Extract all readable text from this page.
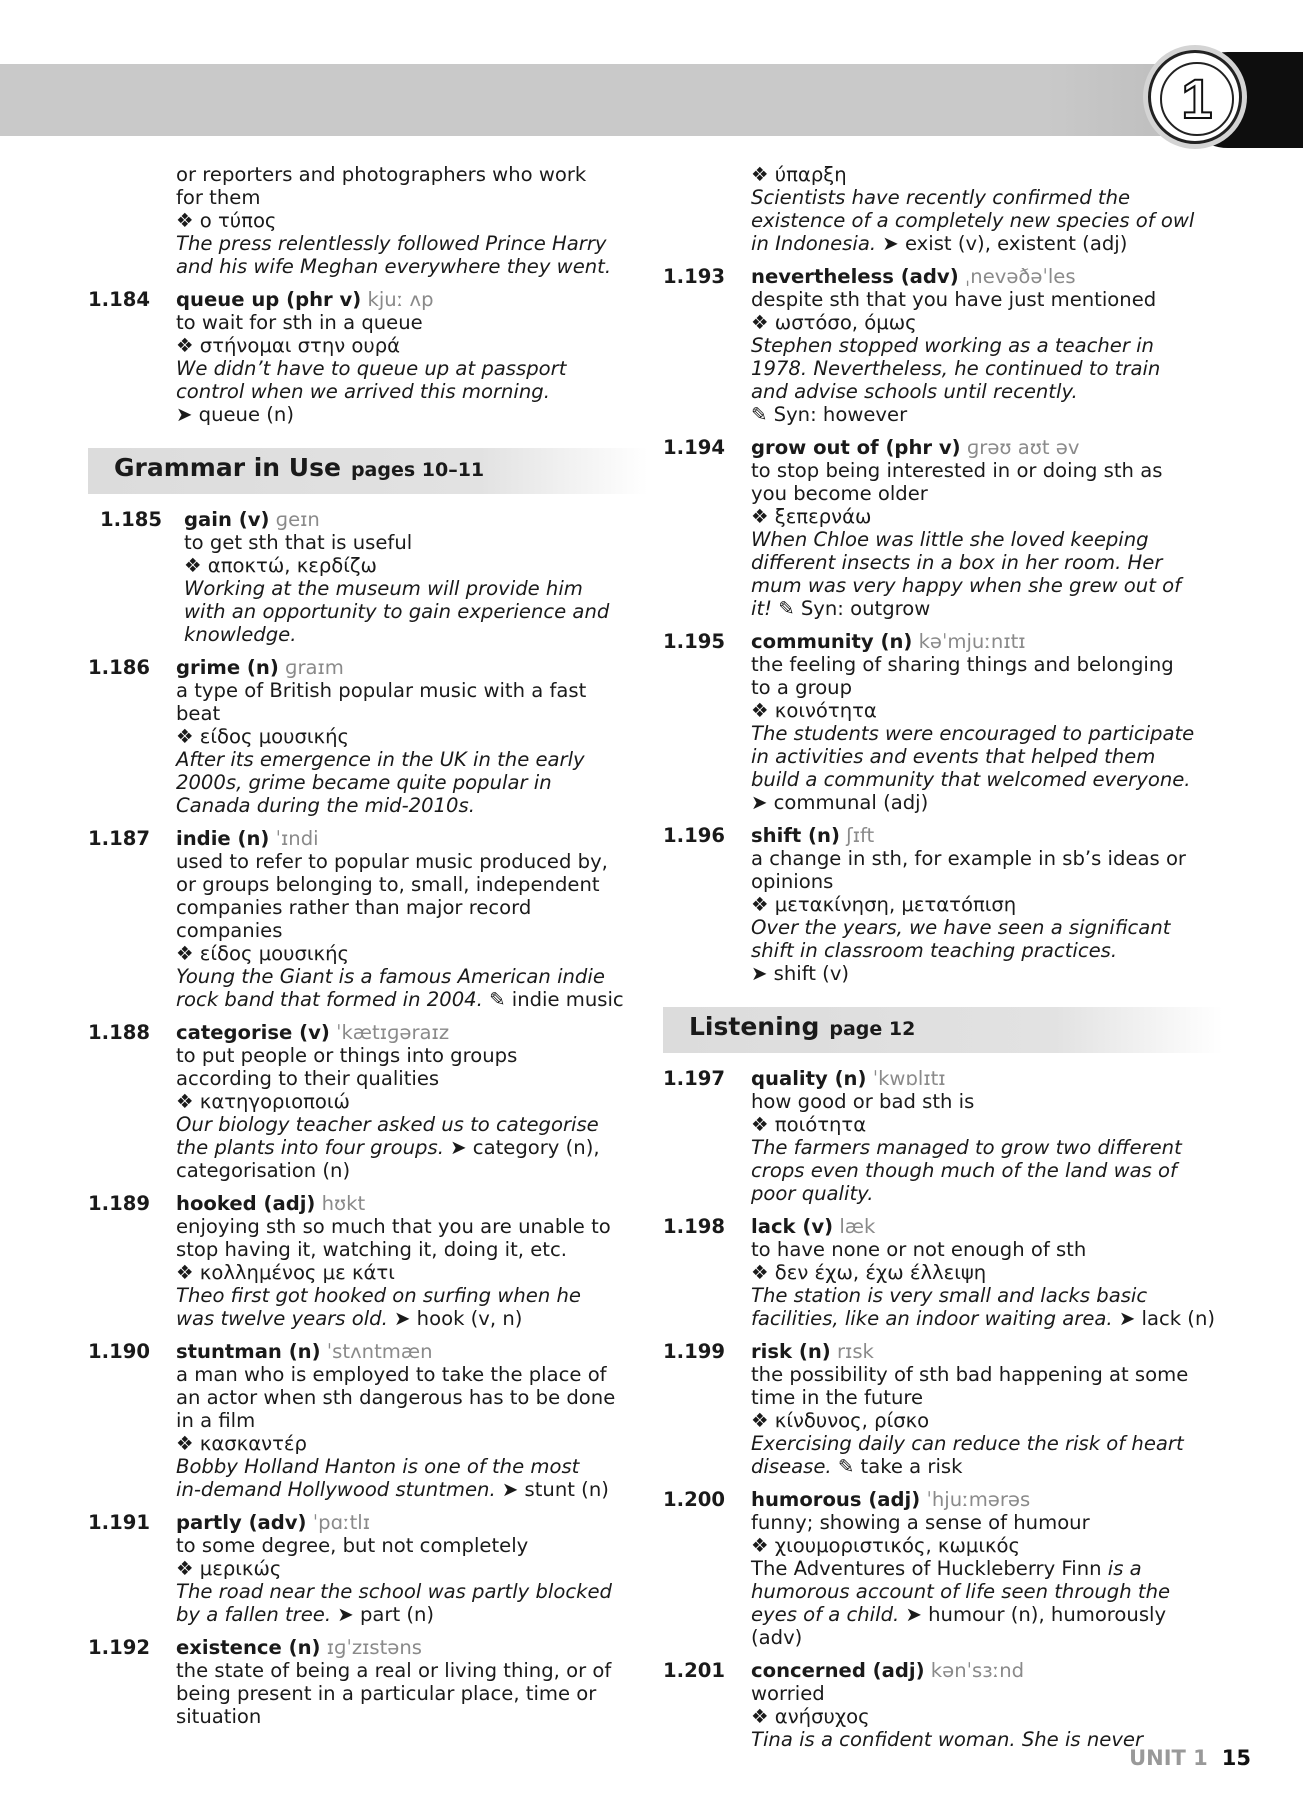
1
or reporters and photographers who work
for them
❖ ο τύπος
The press relentlessly followed Prince Harry
and his wife Meghan everywhere they went.
1.184 queue up (phr v) kjuː ʌp
to wait for sth in a queue
❖ στήνομαι στην ουρά
We didn’t have to queue up at passport
control when we arrived this morning.
➤ queue (n)
Grammar in Use pages 10–11
1.185 gain (v) ɡeɪn
to get sth that is useful
❖ αποκτώ, κερδίζω
Working at the museum will provide him
with an opportunity to gain experience and
knowledge.
1.186 grime (n) ɡraɪm
a type of British popular music with a fast
beat
❖ είδος μουσικής
After its emergence in the UK in the early
2000s, grime became quite popular in
Canada during the mid-2010s.
1.187 indie (n) ˈɪndi
used to refer to popular music produced by,
or groups belonging to, small, independent
companies rather than major record
companies
❖ είδος μουσικής
Young the Giant is a famous American indie
rock band that formed in 2004. ✎ indie music
1.188 categorise (v) ˈkætɪɡəraɪz
to put people or things into groups
according to their qualities
❖ κατηγοριοποιώ
Our biology teacher asked us to categorise
the plants into four groups. ➤ category (n),
categorisation (n)
1.189 hooked (adj) hʊkt
enjoying sth so much that you are unable to
stop having it, watching it, doing it, etc.
❖ κολλημένος με κάτι
Theo first got hooked on surfing when he
was twelve years old. ➤ hook (v, n)
1.190 stuntman (n) ˈstʌntmæn
a man who is employed to take the place of
an actor when sth dangerous has to be done
in a film
❖ κασκαντέρ
Bobby Holland Hanton is one of the most
in-demand Hollywood stuntmen. ➤ stunt (n)
1.191 partly (adv) ˈpɑːtlɪ
to some degree, but not completely
❖ μερικώς
The road near the school was partly blocked
by a fallen tree. ➤ part (n)
1.192 existence (n) ɪɡˈzɪstəns
the state of being a real or living thing, or of
being present in a particular place, time or
situation
❖ ύπαρξη
Scientists have recently confirmed the
existence of a completely new species of owl
in Indonesia. ➤ exist (v), existent (adj)
1.193 nevertheless (adv) ˌnevəðəˈles
despite sth that you have just mentioned
❖ ωστόσο, όμως
Stephen stopped working as a teacher in
1978. Nevertheless, he continued to train
and advise schools until recently.
✎ Syn: however
1.194 grow out of (phr v) ɡrəʊ aʊt əv
to stop being interested in or doing sth as
you become older
❖ ξεπερνάω
When Chloe was little she loved keeping
different insects in a box in her room. Her
mum was very happy when she grew out of
it! ✎ Syn: outgrow
1.195 community (n) kəˈmjuːnɪtɪ
the feeling of sharing things and belonging
to a group
❖ κοινότητα
The students were encouraged to participate
in activities and events that helped them
build a community that welcomed everyone.
➤ communal (adj)
1.196 shift (n) ʃɪft
a change in sth, for example in sb’s ideas or
opinions
❖ μετακίνηση, μετατόπιση
Over the years, we have seen a significant
shift in classroom teaching practices.
➤ shift (v)
Listening page 12
1.197 quality (n) ˈkwɒlɪtɪ
how good or bad sth is
❖ ποιότητα
The farmers managed to grow two different
crops even though much of the land was of
poor quality.
1.198 lack (v) læk
to have none or not enough of sth
❖ δεν έχω, έχω έλλειψη
The station is very small and lacks basic
facilities, like an indoor waiting area. ➤ lack (n)
1.199 risk (n) rɪsk
the possibility of sth bad happening at some
time in the future
❖ κίνδυνος, ρίσκο
Exercising daily can reduce the risk of heart
disease. ✎ take a risk
1.200 humorous (adj) ˈhjuːmərəs
funny; showing a sense of humour
❖ χιουμοριστικός, κωμικός
The Adventures of Huckleberry Finn is a
humorous account of life seen through the
eyes of a child. ➤ humour (n), humorously
(adv)
1.201 concerned (adj) kənˈsɜːnd
worried
❖ ανήσυχος
Tina is a confident woman. She is never
UNIT 1 15
